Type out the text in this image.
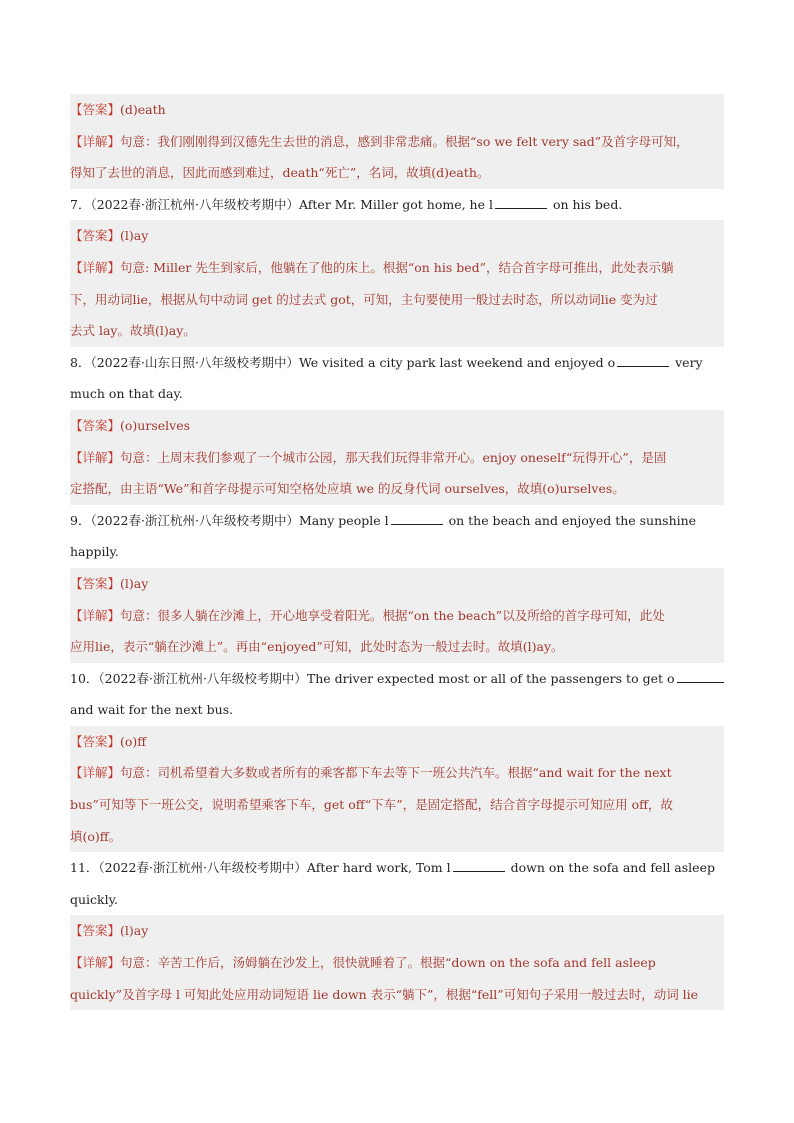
【答案】(d)eath
【详解】句意：我们刚刚得到汉德先生去世的消息，感到非常悲痛。根据“so we felt very sad”及首字母可知，
得知了去世的消息，因此而感到难过，death“死亡”，名词，故填(d)eath。
7．（2022春·浙江杭州·八年级校考期中）After Mr. Miller got home, he l	on his bed.
【答案】(l)ay
【详解】句意: Miller 先生到家后，他躺在了他的床上。根据“on his bed”，结合首字母可推出，此处表示躺
下，用动词lie，根据从句中动词 get 的过去式 got，可知，主句要使用一般过去时态，所以动词lie 变为过
去式 lay。故填(l)ay。
8．（2022春·山东日照·八年级校考期中）We visited a city park last weekend and enjoyed o	very
much on that day.
【答案】(o)urselves
【详解】句意：上周末我们参观了一个城市公园，那天我们玩得非常开心。enjoy oneself“玩得开心”，是固
定搭配，由主语“We”和首字母提示可知空格处应填 we 的反身代词 ourselves，故填(o)urselves。
9．（2022春·浙江杭州·八年级校考期中）Many people l	on the beach and enjoyed the sunshine
happily.
【答案】(l)ay
【详解】句意：很多人躺在沙滩上，开心地享受着阳光。根据“on the beach”以及所给的首字母可知，此处
应用lie，表示“躺在沙滩上”。再由“enjoyed”可知，此处时态为一般过去时。故填(l)ay。
10．（2022春·浙江杭州·八年级校考期中）The driver expected most or all of the passengers to get o
and wait for the next bus.
【答案】(o)ff
【详解】句意：司机希望着大多数或者所有的乘客都下车去等下一班公共汽车。根据“and wait for the next
bus”可知等下一班公交，说明希望乘客下车，get off“下车”，是固定搭配，结合首字母提示可知应用 off，故
填(o)ff。
11．（2022春·浙江杭州·八年级校考期中）After hard work, Tom l	down on the sofa and fell asleep
quickly.
【答案】(l)ay
【详解】句意：辛苦工作后，汤姆躺在沙发上，很快就睡着了。根据“down on the sofa and fell asleep
quickly”及首字母 l 可知此处应用动词短语 lie down 表示“躺下”，根据“fell”可知句子采用一般过去时，动词 lie
